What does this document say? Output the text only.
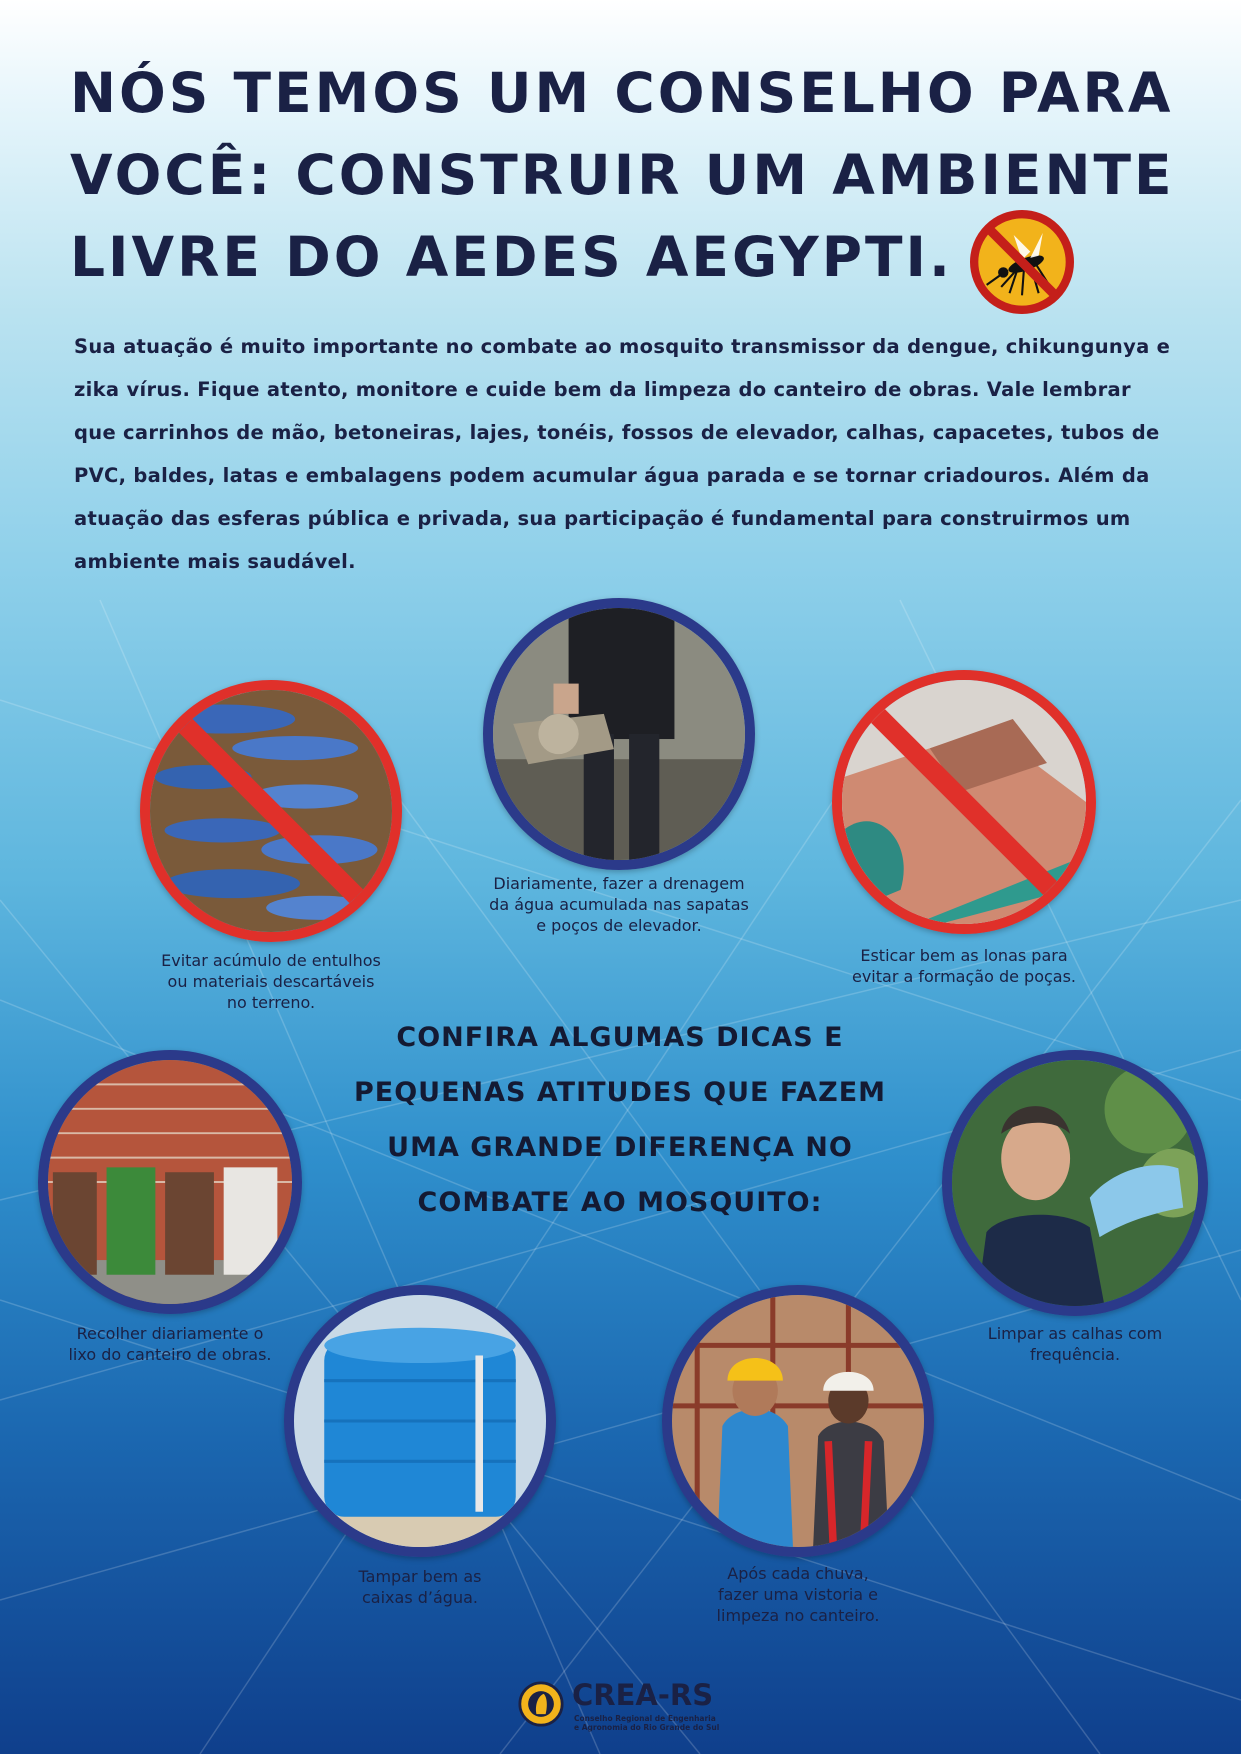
NÓS TEMOS UM CONSELHO PARA
VOCÊ: CONSTRUIR UM AMBIENTE
LIVRE DO AEDES AEGYPTI.

Sua atuação é muito importante no combate ao mosquito transmissor da dengue, chikungunya e
zika vírus. Fique atento, monitore e cuide bem da limpeza do canteiro de obras. Vale lembrar
que carrinhos de mão, betoneiras, lajes, tonéis, fossos de elevador, calhas, capacetes, tubos de
PVC, baldes, latas e embalagens podem acumular água parada e se tornar criadouros. Além da
atuação das esferas pública e privada, sua participação é fundamental para construirmos um
ambiente mais saudável.

Evitar acúmulo de entulhos
ou materiais descartáveis
no terreno.

Diariamente, fazer a drenagem
da água acumulada nas sapatas
e poços de elevador.

Esticar bem as lonas para
evitar a formação de poças.

CONFIRA ALGUMAS DICAS E
PEQUENAS ATITUDES QUE FAZEM
UMA GRANDE DIFERENÇA NO
COMBATE AO MOSQUITO:

Recolher diariamente o
lixo do canteiro de obras.

Limpar as calhas com
frequência.

Tampar bem as
caixas d’água.

Após cada chuva,
fazer uma vistoria e
limpeza no canteiro.

CREA-RS
Conselho Regional de Engenharia
e Agronomia do Rio Grande do Sul
